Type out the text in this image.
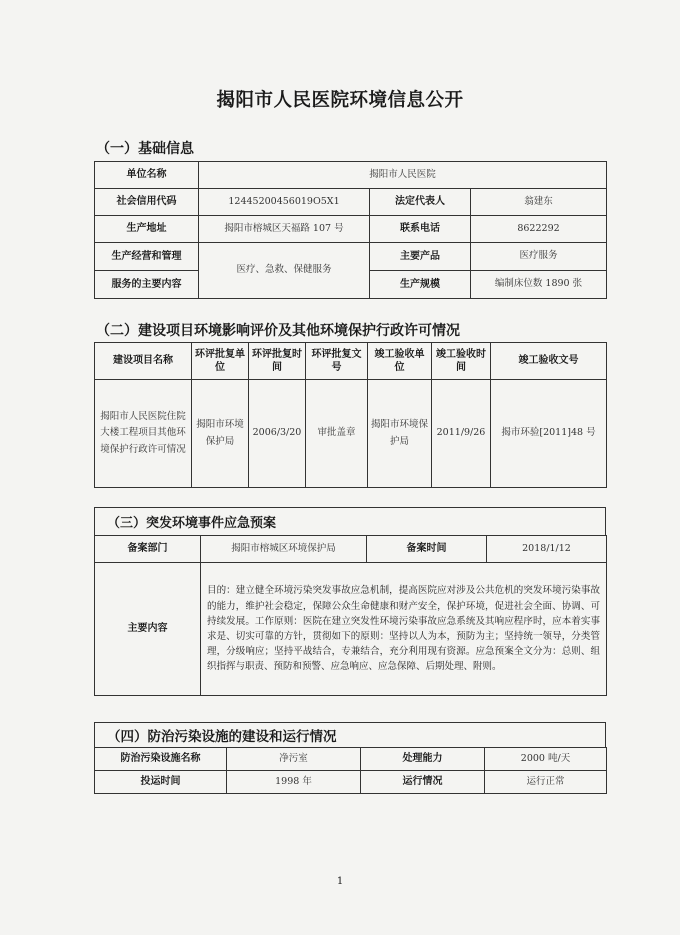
揭阳市人民医院环境信息公开
（一）基础信息
单位名称	揭阳市人民医院		
社会信用代码	12445200456019O5X1	法定代表人	翁建东
生产地址	揭阳市榕城区天福路 107 号	联系电话	8622292
生产经营和管理	医疗、急救、保健服务	主要产品	医疗服务
服务的主要内容		生产规模	编制床位数 1890 张
（二）建设项目环境影响评价及其他环境保护行政许可情况
建设项目名称	环评批复单位	环评批复时间	环评批复文号	竣工验收单位	竣工验收时间	竣工验收文号
揭阳市人民医院住院大楼工程项目其他环境保护行政许可情况	揭阳市环境保护局	2006/3/20	审批盖章	揭阳市环境保护局	2011/9/26	揭市环验[2011]48 号
（三）突发环境事件应急预案
备案部门	揭阳市榕城区环境保护局	备案时间	2018/1/12
主要内容	目的：建立健全环境污染突发事故应急机制，提高医院应对涉及公共危机的突发环境污染事故的能力，维护社会稳定，保障公众生命健康和财产安全，保护环境，促进社会全面、协调、可持续发展。工作原则：医院在建立突发性环境污染事故应急系统及其响应程序时，应本着实事求是、切实可靠的方针，贯彻如下的原则：坚持以人为本，预防为主；坚持统一领导，分类管理，分级响应；坚持平战结合，专兼结合，充分利用现有资源。应急预案全文分为：总则、组织指挥与职责、预防和预警、应急响应、应急保障、后期处理、附则。		
（四）防治污染设施的建设和运行情况
防治污染设施名称	净污室	处理能力	2000 吨/天
投运时间	1998 年	运行情况	运行正常
1
